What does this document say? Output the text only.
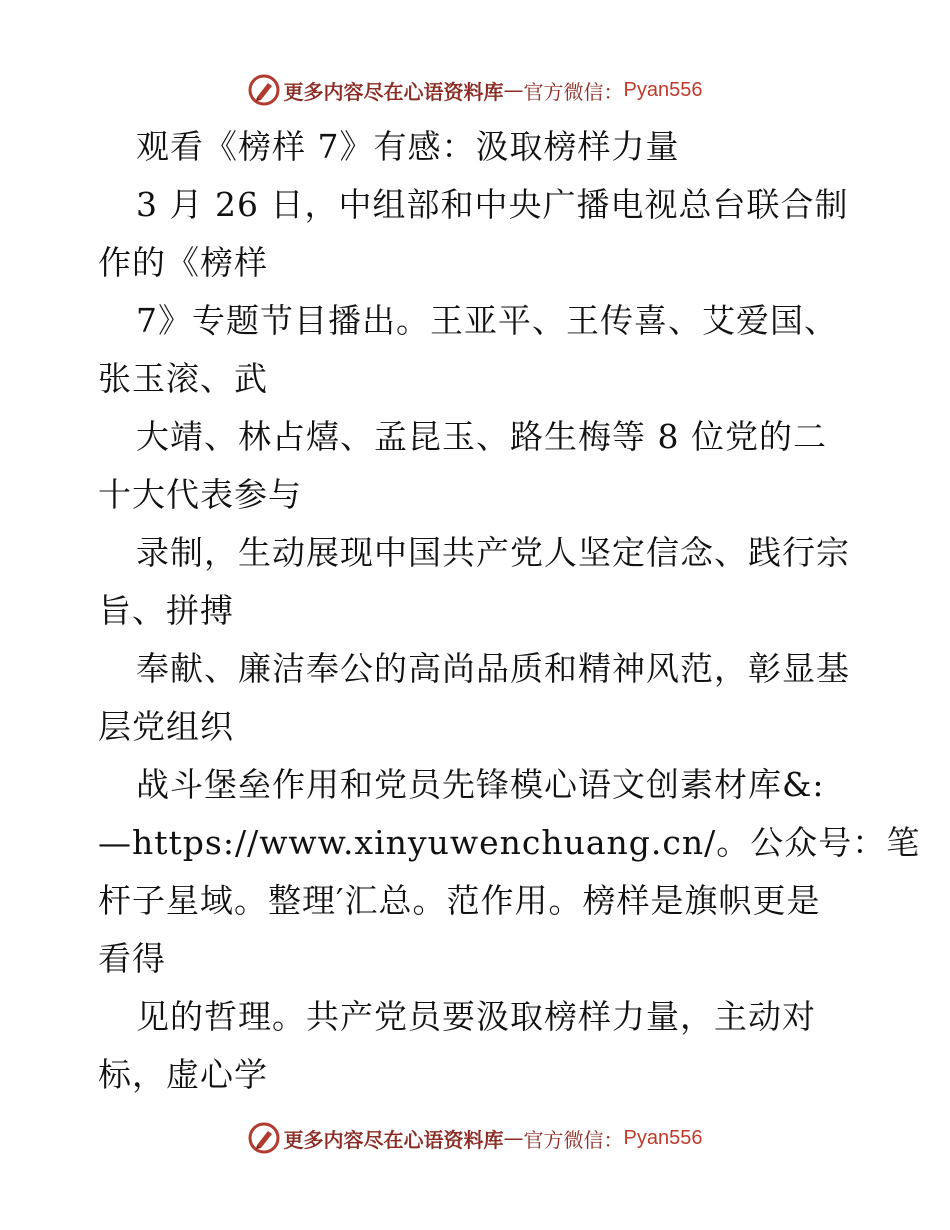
更多内容尽在心语资料库 — 官方微信： Pyan556
观看《榜样 7》有感：汲取榜样力量
3 月 26 日，中组部和中央广播电视总台联合制
作的《榜样
7》专题节目播出。王亚平、王传喜、艾爱国、
张玉滚、武
大靖、林占熺、孟昆玉、路生梅等 8 位党的二
十大代表参与
录制，生动展现中国共产党人坚定信念、践行宗
旨、拼搏
奉献、廉洁奉公的高尚品质和精神风范，彰显基
层党组织
战斗堡垒作用和党员先锋模心语文创素材库&:
—https://www.xinyuwenchuang.cn/。公众号：笔
杆子星域。整理′汇总。范作用。榜样是旗帜更是
看得
见的哲理。共产党员要汲取榜样力量，主动对
标，虚心学
更多内容尽在心语资料库 — 官方微信： Pyan556
